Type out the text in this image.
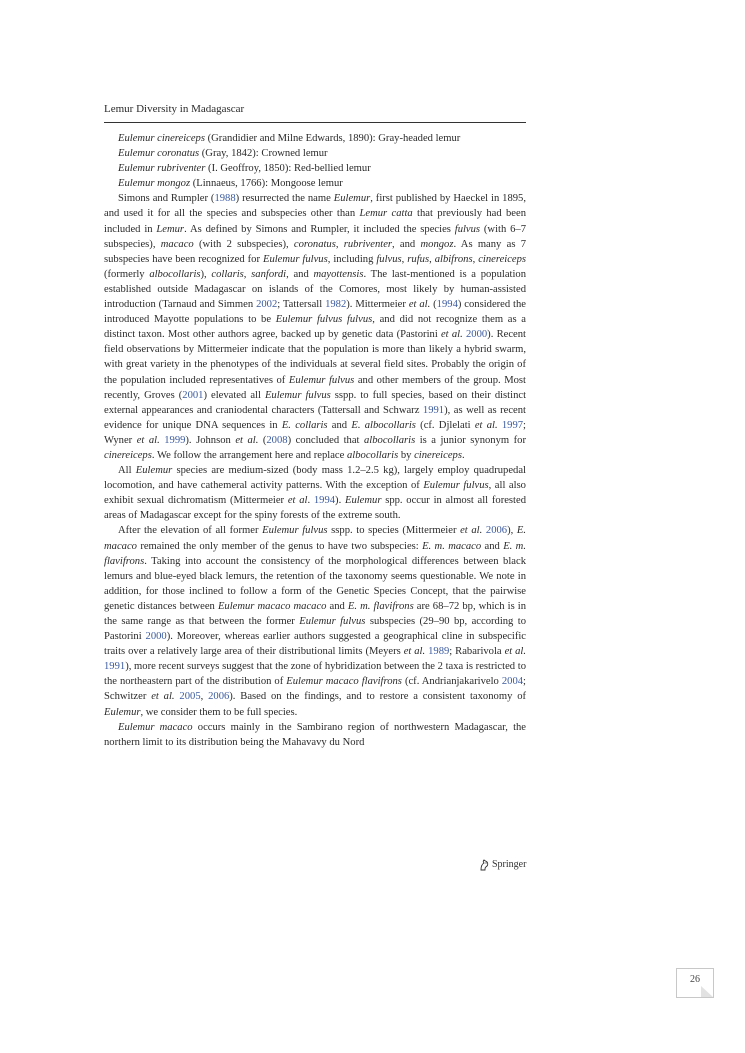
Lemur Diversity in Madagascar

Eulemur cinereiceps (Grandidier and Milne Edwards, 1890): Gray-headed lemur

Eulemur coronatus (Gray, 1842): Crowned lemur

Eulemur rubriventer (I. Geoffroy, 1850): Red-bellied lemur

Eulemur mongoz (Linnaeus, 1766): Mongoose lemur

Simons and Rumpler (1988) resurrected the name Eulemur, first published by Haeckel in 1895, and used it for all the species and subspecies other than Lemur catta that previously had been included in Lemur. As defined by Simons and Rumpler, it included the species fulvus (with 6–7 subspecies), macaco (with 2 subspecies), coronatus, rubriventer, and mongoz. As many as 7 subspecies have been recognized for Eulemur fulvus, including fulvus, rufus, albifrons, cinereiceps (formerly albocollaris), collaris, sanfordi, and mayottensis. The last-mentioned is a population established outside Madagascar on islands of the Comores, most likely by human-assisted introduction (Tarnaud and Simmen 2002; Tattersall 1982). Mittermeier et al. (1994) considered the introduced Mayotte populations to be Eulemur fulvus fulvus, and did not recognize them as a distinct taxon. Most other authors agree, backed up by genetic data (Pastorini et al. 2000). Recent field observations by Mittermeier indicate that the population is more than likely a hybrid swarm, with great variety in the phenotypes of the individuals at several field sites. Probably the origin of the population included representatives of Eulemur fulvus and other members of the group. Most recently, Groves (2001) elevated all Eulemur fulvus sspp. to full species, based on their distinct external appearances and craniodental characters (Tattersall and Schwarz 1991), as well as recent evidence for unique DNA sequences in E. collaris and E. albocollaris (cf. Djlelati et al. 1997; Wyner et al. 1999). Johnson et al. (2008) concluded that albocollaris is a junior synonym for cinereiceps. We follow the arrangement here and replace albocollaris by cinereiceps.

All Eulemur species are medium-sized (body mass 1.2–2.5 kg), largely employ quadrupedal locomotion, and have cathemeral activity patterns. With the exception of Eulemur fulvus, all also exhibit sexual dichromatism (Mittermeier et al. 1994). Eulemur spp. occur in almost all forested areas of Madagascar except for the spiny forests of the extreme south.

After the elevation of all former Eulemur fulvus sspp. to species (Mittermeier et al. 2006), E. macaco remained the only member of the genus to have two subspecies: E. m. macaco and E. m. flavifrons. Taking into account the consistency of the morphological differences between black lemurs and blue-eyed black lemurs, the retention of the taxonomy seems questionable. We note in addition, for those inclined to follow a form of the Genetic Species Concept, that the pairwise genetic distances between Eulemur macaco macaco and E. m. flavifrons are 68–72 bp, which is in the same range as that between the former Eulemur fulvus subspecies (29–90 bp, according to Pastorini 2000). Moreover, whereas earlier authors suggested a geographical cline in subspecific traits over a relatively large area of their distributional limits (Meyers et al. 1989; Rabarivola et al. 1991), more recent surveys suggest that the zone of hybridization between the 2 taxa is restricted to the northeastern part of the distribution of Eulemur macaco flavifrons (cf. Andrianjakarivelo 2004; Schwitzer et al. 2005, 2006). Based on the findings, and to restore a consistent taxonomy of Eulemur, we consider them to be full species.

Eulemur macaco occurs mainly in the Sambirano region of northwestern Madagascar, the northern limit to its distribution being the Mahavavy du Nord

Springer
26
